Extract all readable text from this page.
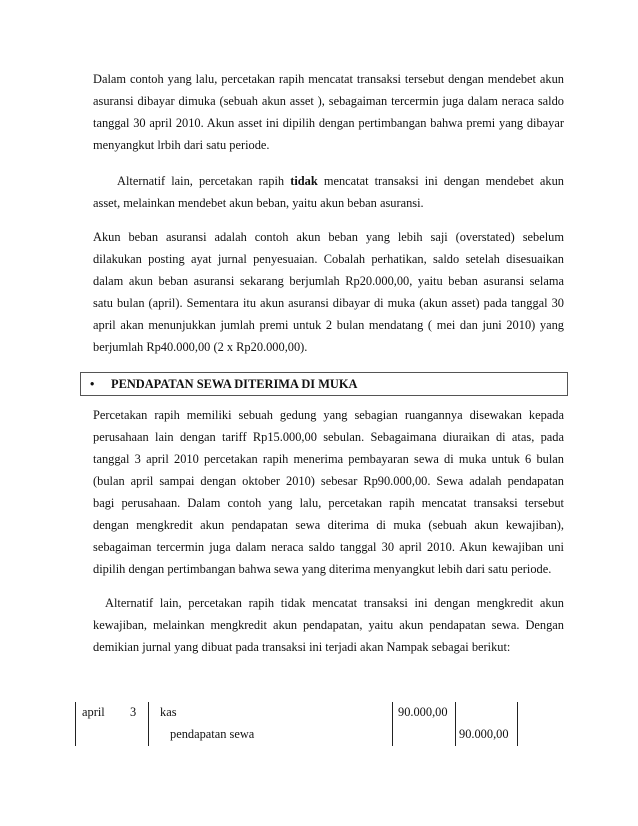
Dalam contoh yang lalu, percetakan rapih mencatat transaksi tersebut dengan mendebet akun
asuransi dibayar dimuka (sebuah akun asset ), sebagaiman tercermin juga dalam neraca saldo
tanggal 30 april 2010. Akun asset ini dipilih dengan pertimbangan bahwa premi yang dibayar
menyangkut lrbih dari satu periode.
Alternatif lain, percetakan rapih tidak mencatat transaksi ini dengan mendebet akun
asset, melainkan mendebet akun beban, yaitu akun beban asuransi.
Akun beban asuransi adalah contoh akun beban yang lebih saji (overstated) sebelum
dilakukan posting ayat jurnal penyesuaian. Cobalah perhatikan, saldo setelah disesuaikan
dalam akun beban asuransi sekarang berjumlah Rp20.000,00, yaitu beban asuransi selama
satu bulan (april). Sementara itu akun asuransi dibayar di muka (akun asset) pada tanggal 30
april akan menunjukkan jumlah premi untuk 2 bulan mendatang ( mei dan juni 2010) yang
berjumlah Rp40.000,00 (2 x Rp20.000,00).
• PENDAPATAN SEWA DITERIMA DI MUKA
Percetakan rapih memiliki sebuah gedung yang sebagian ruangannya disewakan kepada
perusahaan lain dengan tariff Rp15.000,00 sebulan. Sebagaimana diuraikan di atas, pada
tanggal 3 april 2010 percetakan rapih menerima pembayaran sewa di muka untuk 6 bulan
(bulan april sampai dengan oktober 2010) sebesar Rp90.000,00. Sewa adalah pendapatan
bagi perusahaan. Dalam contoh yang lalu, percetakan rapih mencatat transaksi tersebut
dengan mengkredit akun pendapatan sewa diterima di muka (sebuah akun kewajiban),
sebagaiman tercermin juga dalam neraca saldo tanggal 30 april 2010. Akun kewajiban uni
dipilih dengan pertimbangan bahwa sewa yang diterima menyangkut lebih dari satu periode.
Alternatif lain, percetakan rapih tidak mencatat transaksi ini dengan mengkredit akun
kewajiban, melainkan mengkredit akun pendapatan, yaitu akun pendapatan sewa. Dengan
demikian jurnal yang dibuat pada transaksi ini terjadi akan Nampak sebagai berikut:
april 3 kas
pendapatan sewa
90.000,00
90.000,00
